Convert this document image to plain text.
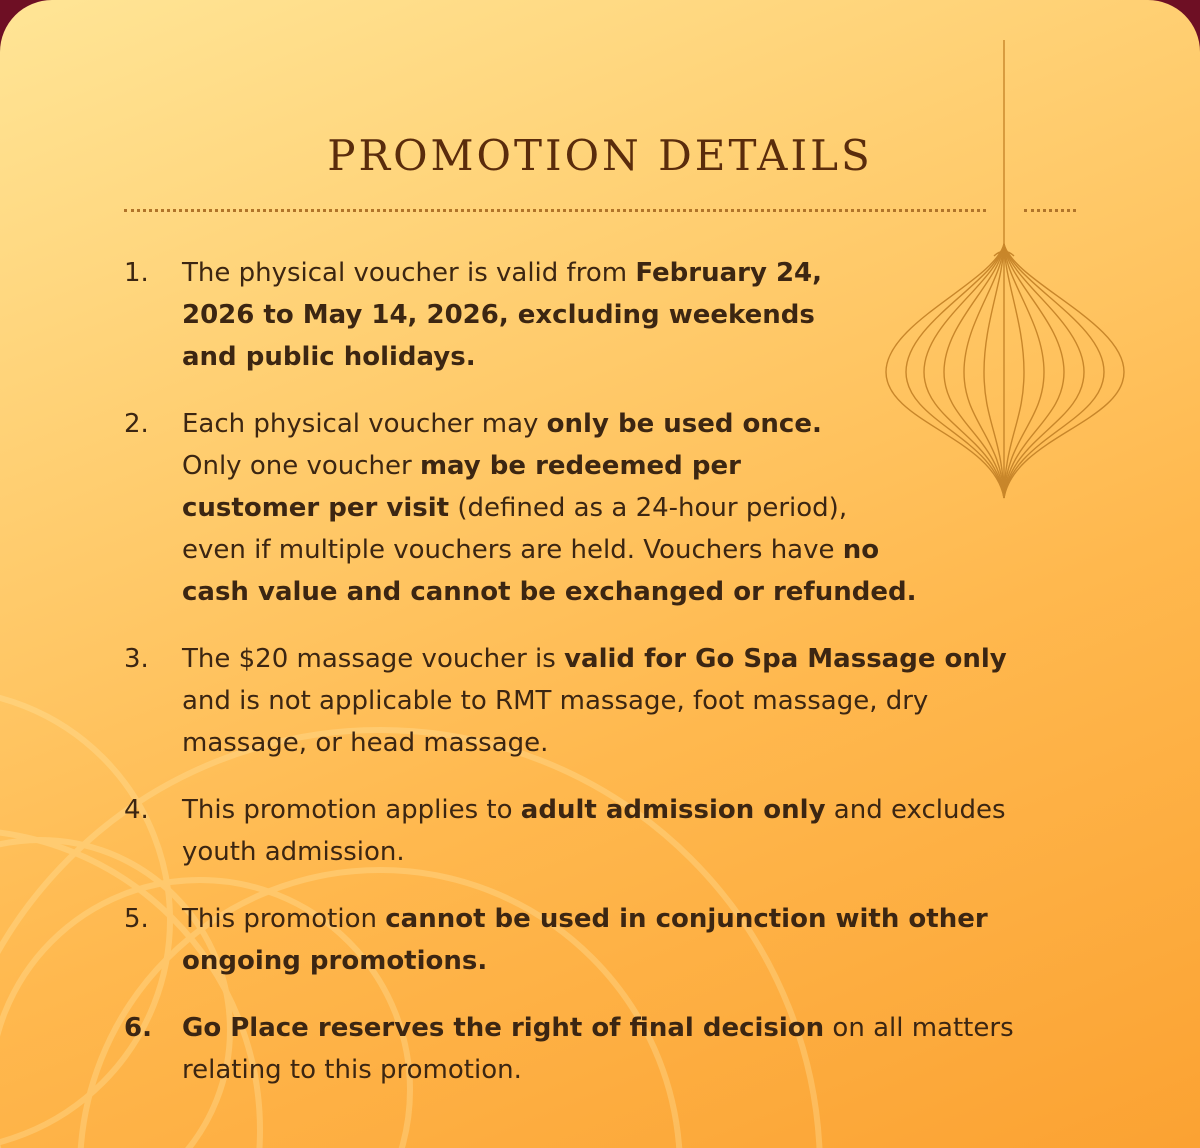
PROMOTION DETAILS
1.	The physical voucher is valid from February 24,
2026 to May 14, 2026, excluding weekends
and public holidays.
2.	Each physical voucher may only be used once.
Only one voucher may be redeemed per
customer per visit (defined as a 24-hour period),
even if multiple vouchers are held. Vouchers have no
cash value and cannot be exchanged or refunded.
3.	The $20 massage voucher is valid for Go Spa Massage only
and is not applicable to RMT massage, foot massage, dry
massage, or head massage.
4.	This promotion applies to adult admission only and excludes
youth admission.
5.	This promotion cannot be used in conjunction with other
ongoing promotions.
6.	Go Place reserves the right of final decision on all matters
relating to this promotion.
